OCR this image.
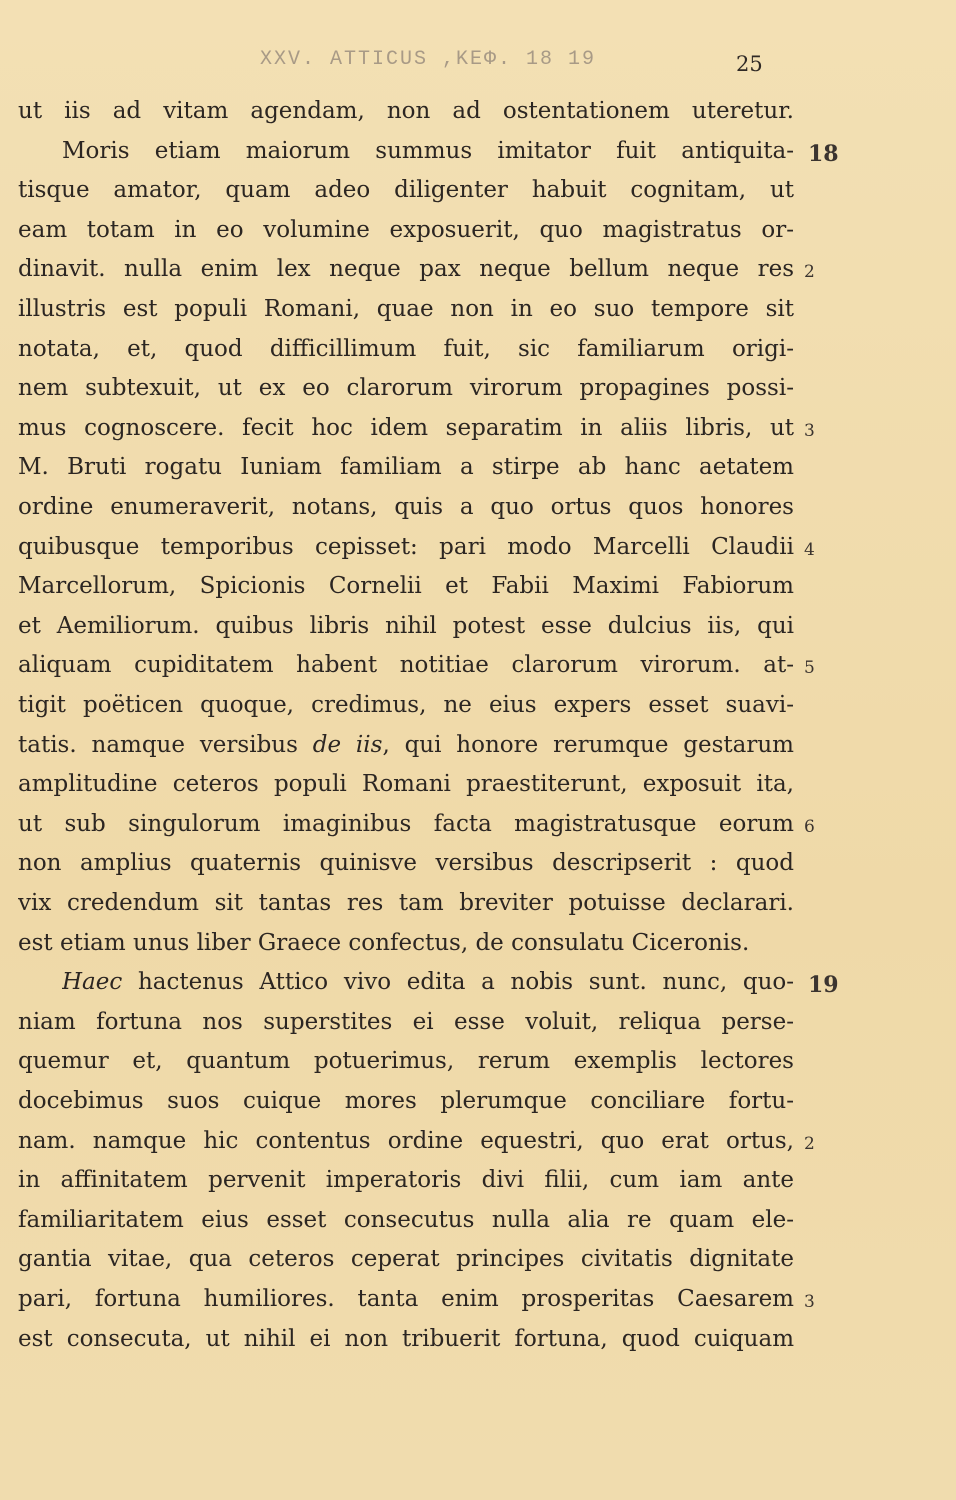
XXV. ATTICUS ,ΚΕΦ. 18 19	25
ut iis ad vitam agendam, non ad ostentationem uteretur.
Moris etiam maiorum summus imitator fuit antiquita- 18
tisque amator, quam adeo diligenter habuit cognitam, ut
eam totam in eo volumine exposuerit, quo magistratus or-
dinavit. nulla enim lex neque pax neque bellum neque res 2
illustris est populi Romani, quae non in eo suo tempore sit
notata, et, quod difficillimum fuit, sic familiarum origi-
nem subtexuit, ut ex eo clarorum virorum propagines possi-
mus cognoscere. fecit hoc idem separatim in aliis libris, ut 3
M. Bruti rogatu Iuniam familiam a stirpe ab hanc aetatem
ordine enumeraverit, notans, quis a quo ortus quos honores
quibusque temporibus cepisset: pari modo Marcelli Claudii 4
Marcellorum, Spicionis Cornelii et Fabii Maximi Fabiorum
et Aemiliorum. quibus libris nihil potest esse dulcius iis, qui
aliquam cupiditatem habent notitiae clarorum virorum. at- 5
tigit poëticen quoque, credimus, ne eius expers esset suavi-
tatis. namque versibus de iis, qui honore rerumque gestarum
amplitudine ceteros populi Romani praestiterunt, exposuit ita,
ut sub singulorum imaginibus facta magistratusque eorum 6
non amplius quaternis quinisve versibus descripserit : quod
vix credendum sit tantas res tam breviter potuisse declarari.
est etiam unus liber Graece confectus, de consulatu Ciceronis.
Haec hactenus Attico vivo edita a nobis sunt. nunc, quo- 19
niam fortuna nos superstites ei esse voluit, reliqua perse-
quemur et, quantum potuerimus, rerum exemplis lectores
docebimus suos cuique mores plerumque conciliare fortu-
nam. namque hic contentus ordine equestri, quo erat ortus, 2
in affinitatem pervenit imperatoris divi filii, cum iam ante
familiaritatem eius esset consecutus nulla alia re quam ele-
gantia vitae, qua ceteros ceperat principes civitatis dignitate
pari, fortuna humiliores. tanta enim prosperitas Caesarem 3
est consecuta, ut nihil ei non tribuerit fortuna, quod cuiquam
